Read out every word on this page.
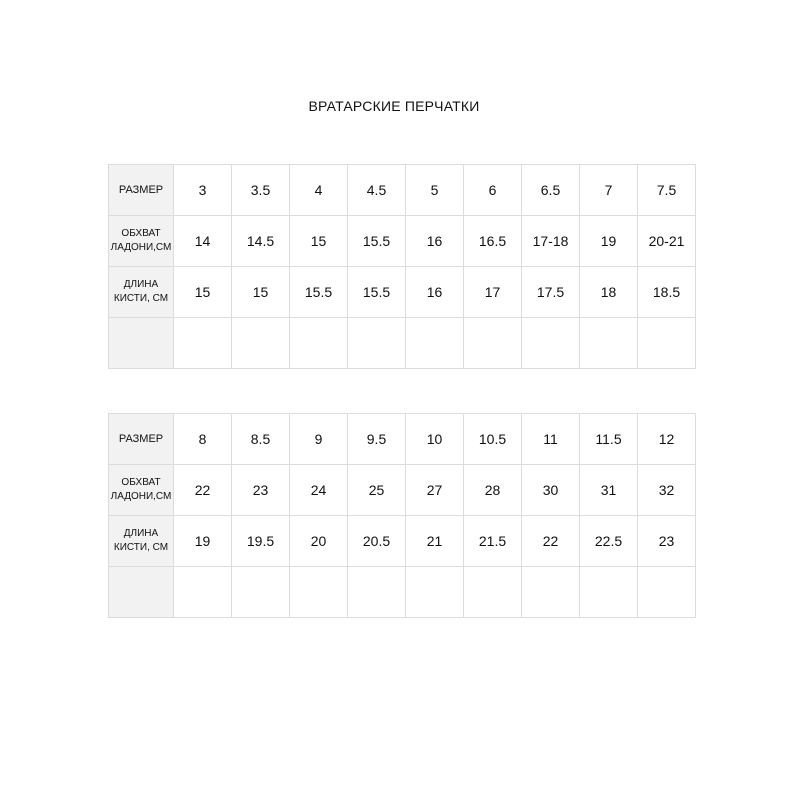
ВРАТАРСКИЕ ПЕРЧАТКИ
РАЗМЕР	3	3.5	4	4.5	5	6	6.5	7	7.5
ОБХВАТ
ЛАДОНИ,СМ	14	14.5	15	15.5	16	16.5	17-18	19	20-21
ДЛИНА
КИСТИ, СМ	15	15	15.5	15.5	16	17	17.5	18	18.5

РАЗМЕР	8	8.5	9	9.5	10	10.5	11	11.5	12
ОБХВАТ
ЛАДОНИ,СМ	22	23	24	25	27	28	30	31	32
ДЛИНА
КИСТИ, СМ	19	19.5	20	20.5	21	21.5	22	22.5	23
